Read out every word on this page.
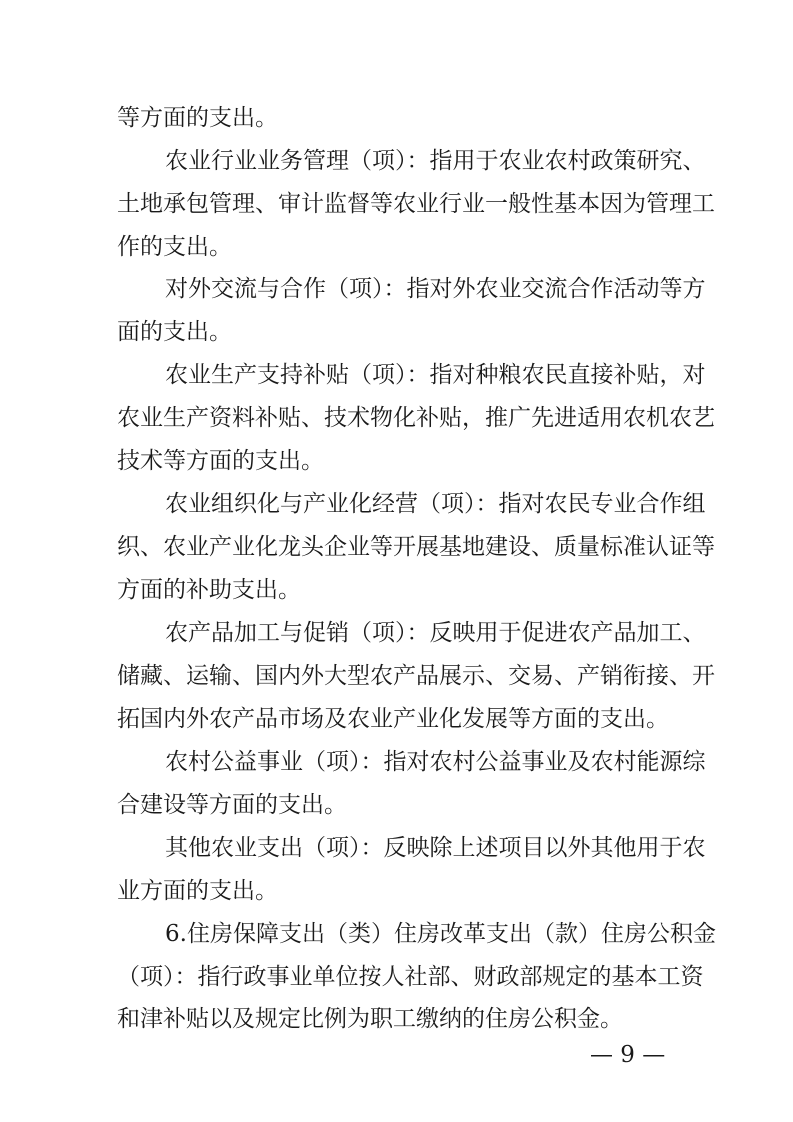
等方面的支出。
农业行业业务管理（项）：指用于农业农村政策研究、
土地承包管理、审计监督等农业行业一般性基本因为管理工
作的支出。
对外交流与合作（项）：指对外农业交流合作活动等方
面的支出。
农业生产支持补贴（项）：指对种粮农民直接补贴，对
农业生产资料补贴、技术物化补贴，推广先进适用农机农艺
技术等方面的支出。
农业组织化与产业化经营（项）：指对农民专业合作组
织、农业产业化龙头企业等开展基地建设、质量标准认证等
方面的补助支出。
农产品加工与促销（项）：反映用于促进农产品加工、
储藏、运输、国内外大型农产品展示、交易、产销衔接、开
拓国内外农产品市场及农业产业化发展等方面的支出。
农村公益事业（项）：指对农村公益事业及农村能源综
合建设等方面的支出。
其他农业支出（项）：反映除上述项目以外其他用于农
业方面的支出。
6.住房保障支出（类）住房改革支出（款）住房公积金
（项）：指行政事业单位按人社部、财政部规定的基本工资
和津补贴以及规定比例为职工缴纳的住房公积金。
— 9 —
